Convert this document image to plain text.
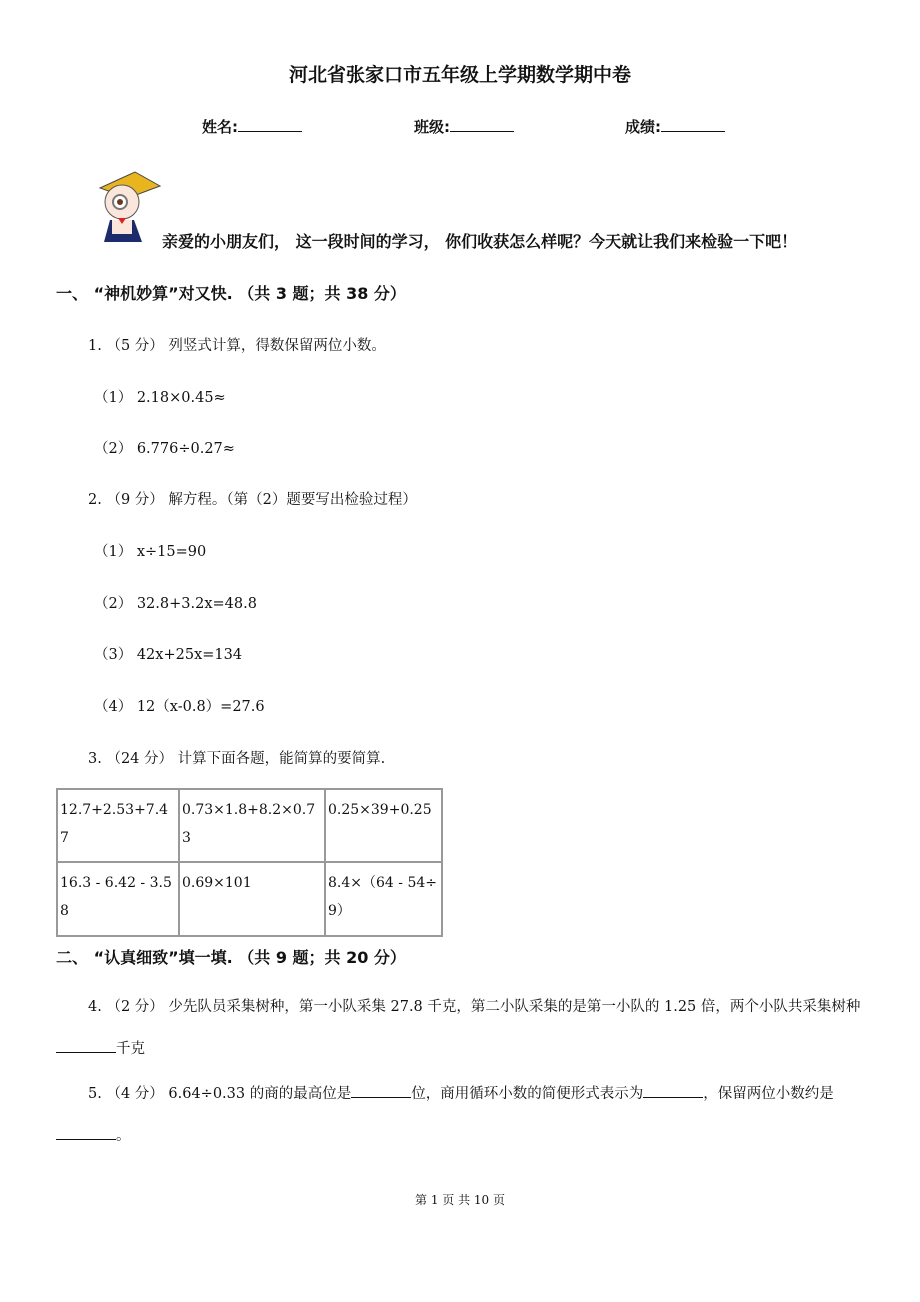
河北省张家口市五年级上学期数学期中卷
姓名:	班级:	成绩:
亲爱的小朋友们， 这一段时间的学习， 你们收获怎么样呢？今天就让我们来检验一下吧！
一、 “神机妙算”对又快. （共 3 题；共 38 分）
1. （5 分） 列竖式计算，得数保留两位小数。
（1） 2.18×0.45≈
（2） 6.776÷0.27≈
2. （9 分） 解方程。（第（2）题要写出检验过程）
（1） x÷15=90
（2） 32.8+3.2x=48.8
（3） 42x+25x=134
（4） 12（x-0.8）=27.6
3. （24 分） 计算下面各题，能简算的要简算.
12.7+2.53+7.47	0.73×1.8+8.2×0.73	0.25×39+0.25
16.3 - 6.42 - 3.58	0.69×101	8.4×（64 - 54÷9）
二、 “认真细致”填一填. （共 9 题；共 20 分）
4. （2 分） 少先队员采集树种，第一小队采集 27.8 千克，第二小队采集的是第一小队的 1.25 倍，两个小队共采集树种千克
5. （4 分） 6.64÷0.33 的商的最高位是	位，商用循环小数的简便形式表示为	，保留两位小数约是。
第 1 页 共 10 页
